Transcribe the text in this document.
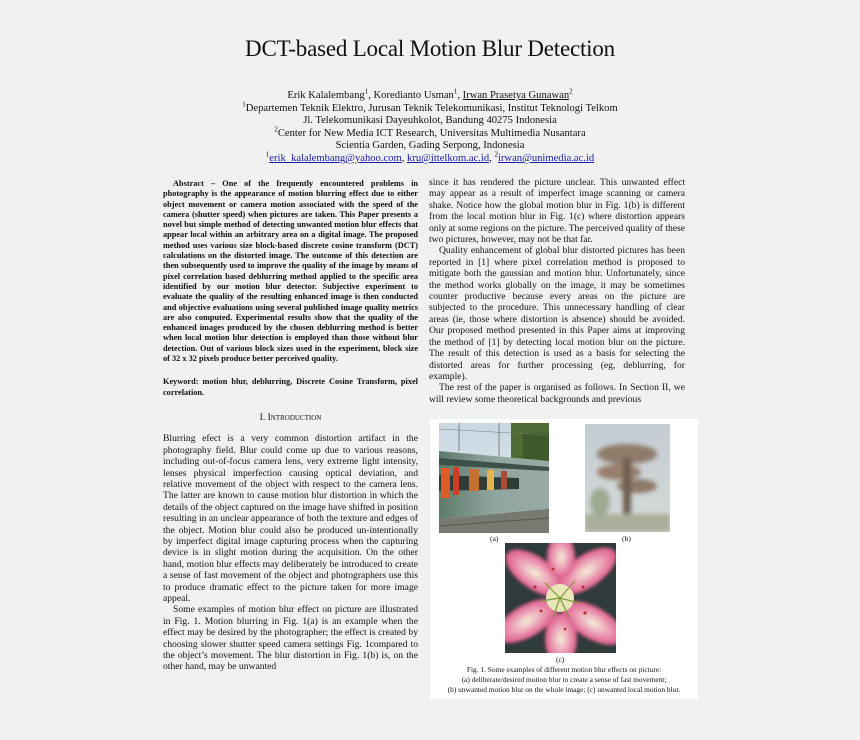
DCT-based Local Motion Blur Detection
Erik Kalalembang$^1$, Koredianto Usman$^1$, Irwan Prasetya Gunawan$^2$
$^1$Departemen Teknik Elektro, Jurusan Teknik Telekomunikasi, Institut Teknologi Telkom
Jl. Telekomunikasi Dayeuhkolot, Bandung 40275 Indonesia
$^2$Center for New Media ICT Research, Universitas Multimedia Nusantara
Scientia Garden, Gading Serpong, Indonesia
$^1$erik_kalalembang@yahoo.com, kru@ittelkom.ac.id, $^2$irwan@unimedia.ac.id

Abstract – One of the frequently encountered problems in photography is the appearance of motion blurring effect due to either object movement or camera motion associated with the speed of the camera (shutter speed) when pictures are taken. This Paper presents a novel but simple method of detecting unwanted motion blur effects that appear local within an arbitrary area on a digital image. The proposed method uses various size block-based discrete cosine transform (DCT) calculations on the distorted image. The outcome of this detection are then subsequently used to improve the quality of the image by means of pixel correlation based deblurring method applied to the specific area identified by our motion blur detector. Subjective experiment to evaluate the quality of the resulting enhanced image is then conducted and objective evaluations using several published image quality metrics are also computed. Experimental results show that the quality of the enhanced images produced by the chosen deblurring method is better when local motion blur detection is employed than those without blur detection. Out of various block sizes used in the experiment, block size of 32 x 32 pixels produce better perceived quality.

Keyword: motion blur, deblurring, Discrete Cosine Transform, pixel correlation.

I. Introduction

Blurring efect is a very common distortion artifact in the photography field. Blur could come up due to various reasons, including out-of-focus camera lens, very extreme light intensity, lenses physical imperfection causing optical deviation, and relative movement of the object with respect to the camera lens. The latter are known to cause motion blur distortion in which the details of the object captured on the image have shifted in position resulting in an unclear appearance of both the texture and edges of the object. Motion blur could also be produced un-intentionally by imperfect digital image capturing process when the capturing device is in slight motion during the acquisition. On the other hand, motion blur effects may deliberately be introduced to create a sense of fast movement of the object and photographers use this to produce dramatic effect to the picture taken for more image appeal.

Some examples of motion blur effect on picture are illustrated in Fig. 1. Motion blurring in Fig. 1(a) is an example when the effect may be desired by the photographer; the effect is created by choosing slower shutter speed camera settings Fig. 1compared to the object’s movement. The blur distortion in Fig. 1(b) is, on the other hand, may be unwanted

since it has rendered the picture unclear. This unwanted effect may appear as a result of imperfect image scanning or camera shake. Notice how the global motion blur in Fig. 1(b) is different from the local motion blur in Fig. 1(c) where distortion appears only at some regions on the picture. The perceived quality of these two pictures, however, may not be that far.

Quality enhancement of global blur distorted pictures has been reported in [1] where pixel correlation method is proposed to mitigate both the gaussian and motion blur. Unfortunately, since the method works globally on the image, it may be sometimes counter productive because every areas on the picture are subjected to the procedure. This unnecessary handling of clear areas (ie, those where distortion is absence) should be avoided. Our proposed method presented in this Paper aims at improving the method of [1] by detecting local motion blur on the picture. The result of this detection is used as a basis for selecting the distorted areas for further processing (eg, deblurring, for example).

The rest of the paper is organised as follows. In Section II, we will review some theoretical backgrounds and previous

(a)	(b)
(c)
Fig. 1. Some examples of different motion blur effects on picture:
(a) deliberate/desired motion blur to create a sense of fast movement;
(b) unwanted motion blur on the whole image; (c) unwanted local motion blur.
